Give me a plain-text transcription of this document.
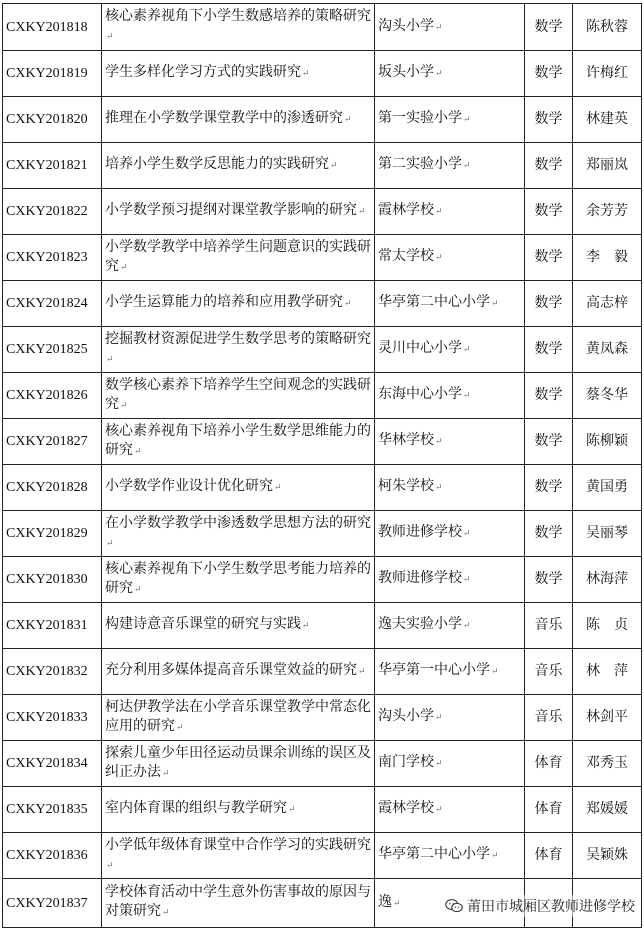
CXKY201818	核心素养视角下小学生数感培养的策略研究↵	沟头小学↵	数学	陈秋蓉
CXKY201819	学生多样化学习方式的实践研究↵	坂头小学↵	数学	许梅红
CXKY201820	推理在小学数学课堂教学中的渗透研究↵	第一实验小学↵	数学	林建英
CXKY201821	培养小学生数学反思能力的实践研究↵	第二实验小学↵	数学	郑丽岚
CXKY201822	小学数学预习提纲对课堂教学影响的研究↵	霞林学校↵	数学	余芳芳
CXKY201823	小学数学教学中培养学生问题意识的实践研究↵	常太学校↵	数学	李　毅
CXKY201824	小学生运算能力的培养和应用教学研究↵	华亭第二中心小学↵	数学	高志梓
CXKY201825	挖掘教材资源促进学生数学思考的策略研究↵	灵川中心小学↵	数学	黄凤森
CXKY201826	数学核心素养下培养学生空间观念的实践研究↵	东海中心小学↵	数学	蔡冬华
CXKY201827	核心素养视角下培养小学生数学思维能力的研究↵	华林学校↵	数学	陈柳颖
CXKY201828	小学数学作业设计优化研究↵	柯朱学校↵	数学	黄国勇
CXKY201829	在小学数学教学中渗透数学思想方法的研究↵	教师进修学校↵	数学	吴丽琴
CXKY201830	核心素养视角下小学生数学思考能力培养的研究↵	教师进修学校↵	数学	林海萍
CXKY201831	构建诗意音乐课堂的研究与实践↵	逸夫实验小学↵	音乐	陈　贞
CXKY201832	充分利用多媒体提高音乐课堂效益的研究↵	华亭第一中心小学↵	音乐	林　萍
CXKY201833	柯达伊教学法在小学音乐课堂教学中常态化应用的研究↵	沟头小学↵	音乐	林剑平
CXKY201834	探索儿童少年田径运动员课余训练的误区及纠正办法↵	南门学校↵	体育	邓秀玉
CXKY201835	室内体育课的组织与教学研究↵	霞林学校↵	体育	郑媛媛
CXKY201836	小学低年级体育课堂中合作学习的实践研究↵	华亭第二中心小学↵	体育	吴颖姝
CXKY201837	学校体育活动中学生意外伤害事故的原因与对策研究↵	逸↵			莆田市城厢区教师进修学校
